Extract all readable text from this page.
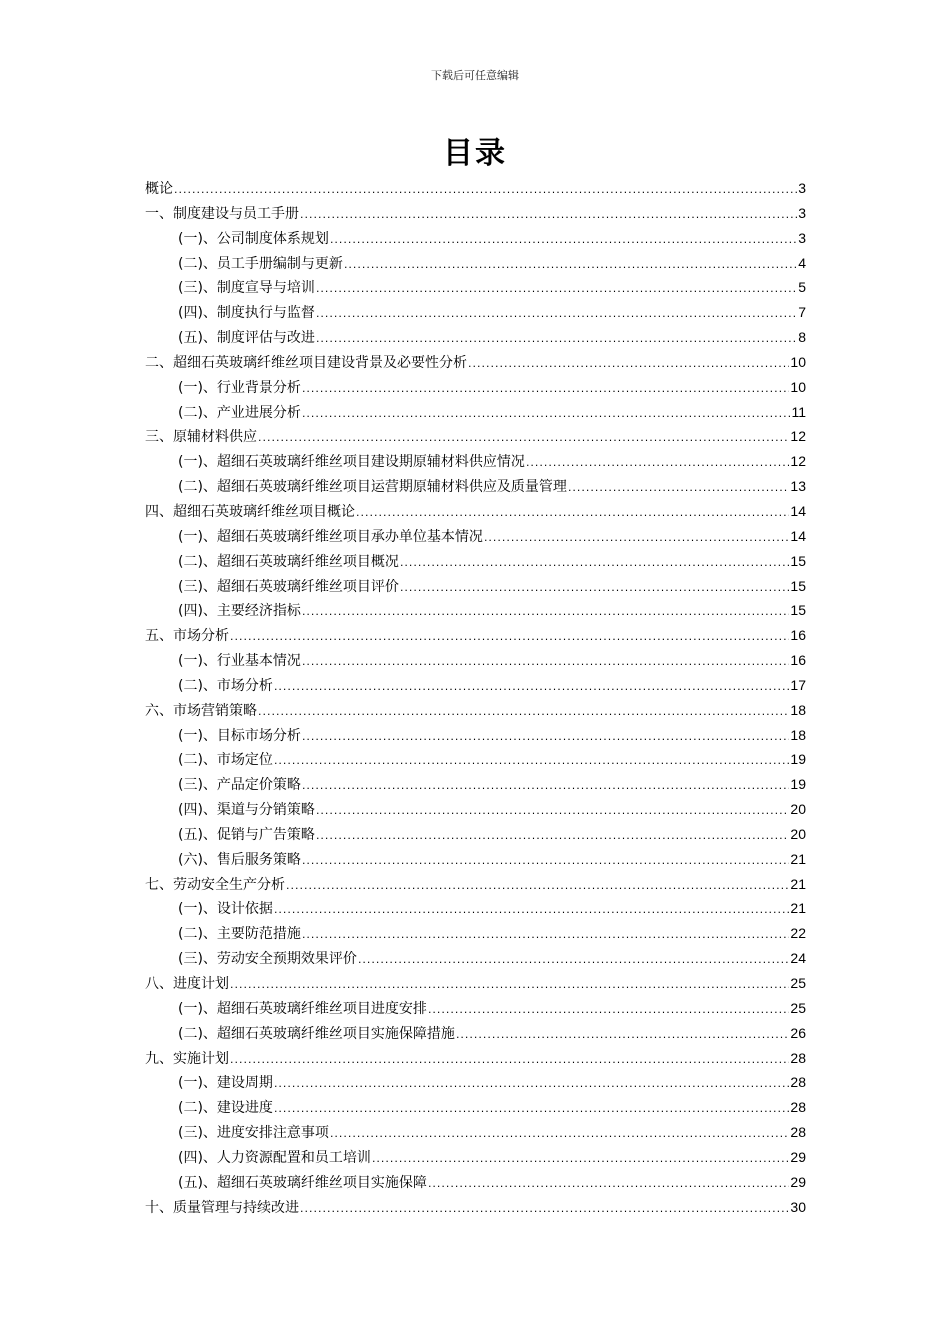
下载后可任意编辑
目录
概论 .....	3
一、制度建设与员工手册 .....	3
(一)、公司制度体系规划 .....	3
(二)、员工手册编制与更新 .....	4
(三)、制度宣导与培训 .....	5
(四)、制度执行与监督 .....	7
(五)、制度评估与改进 .....	8
二、超细石英玻璃纤维丝项目建设背景及必要性分析 .....	10
(一)、行业背景分析 .....	10
(二)、产业进展分析 .....	11
三、原辅材料供应 .....	12
(一)、超细石英玻璃纤维丝项目建设期原辅材料供应情况 .....	12
(二)、超细石英玻璃纤维丝项目运营期原辅材料供应及质量管理 .....	13
四、超细石英玻璃纤维丝项目概论 .....	14
(一)、超细石英玻璃纤维丝项目承办单位基本情况 .....	14
(二)、超细石英玻璃纤维丝项目概况 .....	15
(三)、超细石英玻璃纤维丝项目评价 .....	15
(四)、主要经济指标 .....	15
五、市场分析 .....	16
(一)、行业基本情况 .....	16
(二)、市场分析 .....	17
六、市场营销策略 .....	18
(一)、目标市场分析 .....	18
(二)、市场定位 .....	19
(三)、产品定价策略 .....	19
(四)、渠道与分销策略 .....	20
(五)、促销与广告策略 .....	20
(六)、售后服务策略 .....	21
七、劳动安全生产分析 .....	21
(一)、设计依据 .....	21
(二)、主要防范措施 .....	22
(三)、劳动安全预期效果评价 .....	24
八、进度计划 .....	25
(一)、超细石英玻璃纤维丝项目进度安排 .....	25
(二)、超细石英玻璃纤维丝项目实施保障措施 .....	26
九、实施计划 .....	28
(一)、建设周期 .....	28
(二)、建设进度 .....	28
(三)、进度安排注意事项 .....	28
(四)、人力资源配置和员工培训 .....	29
(五)、超细石英玻璃纤维丝项目实施保障 .....	29
十、质量管理与持续改进 .....	30
